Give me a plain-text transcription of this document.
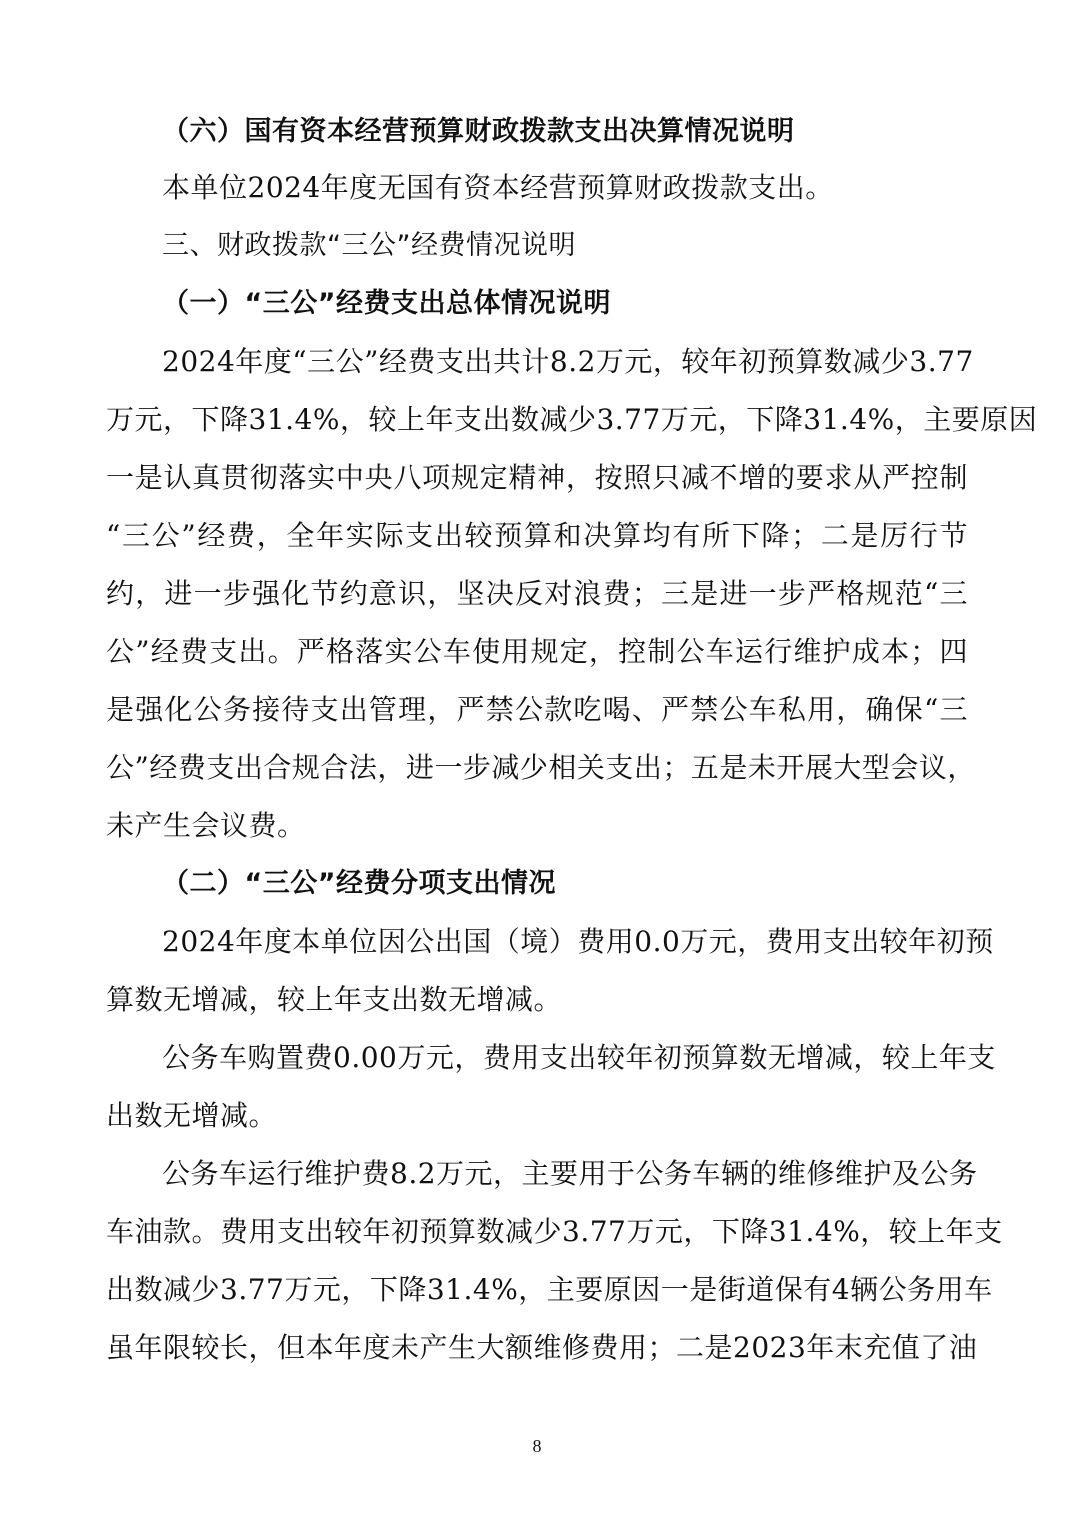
（六）国有资本经营预算财政拨款支出决算情况说明
本单位2024年度无国有资本经营预算财政拨款支出。
三、财政拨款“三公”经费情况说明
（一）“三公”经费支出总体情况说明
2024年度“三公”经费支出共计8.2万元，较年初预算数减少3.77
万元，下降31.4%，较上年支出数减少3.77万元，下降31.4%，主要原因
一是认真贯彻落实中央八项规定精神，按照只减不增的要求从严控制
“三公”经费，全年实际支出较预算和决算均有所下降；二是厉行节
约，进一步强化节约意识，坚决反对浪费；三是进一步严格规范“三
公”经费支出。严格落实公车使用规定，控制公车运行维护成本；四
是强化公务接待支出管理，严禁公款吃喝、严禁公车私用，确保“三
公”经费支出合规合法，进一步减少相关支出；五是未开展大型会议，
未产生会议费。
（二）“三公”经费分项支出情况
2024年度本单位因公出国（境）费用0.0万元，费用支出较年初预
算数无增减，较上年支出数无增减。
公务车购置费0.00万元，费用支出较年初预算数无增减，较上年支
出数无增减。
公务车运行维护费8.2万元，主要用于公务车辆的维修维护及公务
车油款。费用支出较年初预算数减少3.77万元，下降31.4%，较上年支
出数减少3.77万元，下降31.4%，主要原因一是街道保有4辆公务用车
虽年限较长，但本年度未产生大额维修费用；二是2023年末充值了油
8
